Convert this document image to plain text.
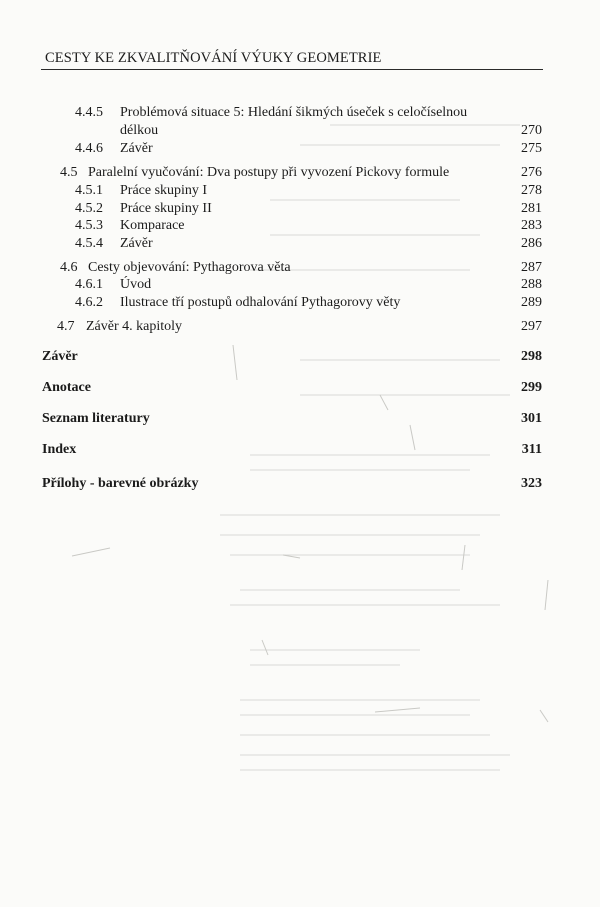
CESTY KE ZKVALITŇOVÁNÍ VÝUKY GEOMETRIE
4.4.5 Problémová situace 5: Hledání šikmých úseček s celočíselnou
délkou	270
4.4.6 Závěr	275
4.5 Paralelní vyučování: Dva postupy při vyvození Pickovy formule	276
4.5.1 Práce skupiny I	278
4.5.2 Práce skupiny II	281
4.5.3 Komparace	283
4.5.4 Závěr	286
4.6 Cesty objevování: Pythagorova věta	287
4.6.1 Úvod	288
4.6.2 Ilustrace tří postupů odhalování Pythagorovy věty	289
4.7 Závěr 4. kapitoly	297
Závěr	298
Anotace	299
Seznam literatury	301
Index	311
Přílohy - barevné obrázky	323
